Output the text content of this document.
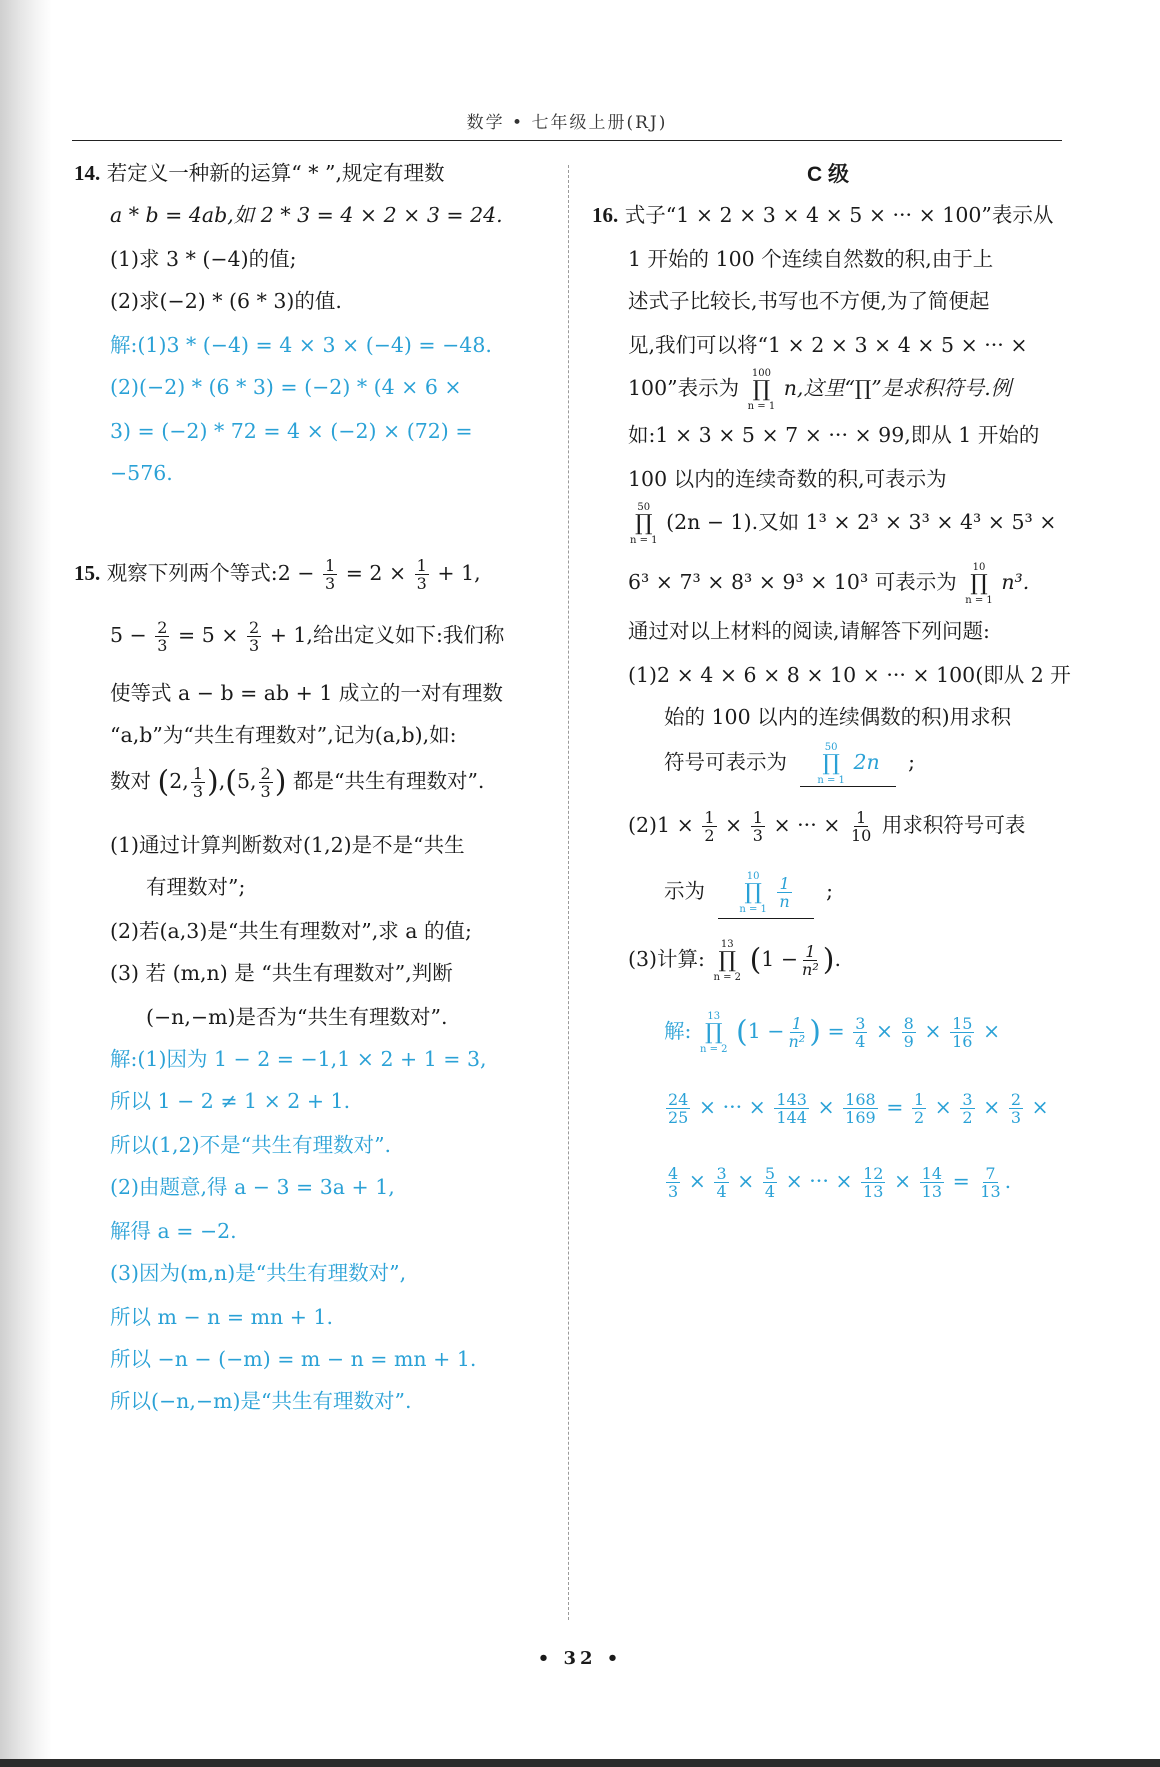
数学 • 七年级上册(RJ)
14. 若定义一种新的运算“ * ”,规定有理数
a * b = 4ab,如 2 * 3 = 4 × 2 × 3 = 24.
(1)求 3 * (−4)的值;
(2)求(−2) * (6 * 3)的值.
解:(1)3 * (−4) = 4 × 3 × (−4) = −48.
(2)(−2) * (6 * 3) = (−2) * (4 × 6 ×
3) = (−2) * 72 = 4 × (−2) × (72) =
−576.
15. 观察下列两个等式:2 − $\frac{1}{3} = 2 \times \frac{1}{3} + 1$,
$5 - \frac{2}{3} = 5 \times \frac{2}{3} + 1$,给出定义如下:我们称
使等式 a − b = ab + 1 成立的一对有理数
“a,b”为“共生有理数对”,记为(a,b),如:
数对 (2, $\frac{1}{3} ),(5$, $\frac{2}{3}$ ) 都是“共生有理数对”.
(1)通过计算判断数对(1,2)是不是“共生
有理数对”;
(2)若(a,3)是“共生有理数对”,求 a 的值;
(3) 若 (m,n) 是 “共生有理数对”,判断
(−n,−m)是否为“共生有理数对”.
解:(1)因为 1 − 2 = −1,1 × 2 + 1 = 3,
所以 1 − 2 ≠ 1 × 2 + 1.
所以(1,2)不是“共生有理数对”.
(2)由题意,得 a − 3 = 3a + 1,
解得 a = −2.
(3)因为(m,n)是“共生有理数对”,
所以 m − n = mn + 1.
所以 −n − (−m) = m − n = mn + 1.
所以(−n,−m)是“共生有理数对”.
C 级
16. 式子“1 × 2 × 3 × 4 × 5 × ··· × 100”表示从
1 开始的 100 个连续自然数的积,由于上
述式子比较长,书写也不方便,为了简便起
见,我们可以将“1 × 2 × 3 × 4 × 5 × ··· ×
100”表示为
100
∏
n = 1
n,这里“∏”是求积符号.例
如:1 × 3 × 5 × 7 × ··· × 99,即从 1 开始的
100 以内的连续奇数的积,可表示为
50
∏
n = 1
(2n − 1).又如 1³ × 2³ × 3³ × 4³ × 5³ ×
6³ × 7³ × 8³ × 9³ × 10³ 可表示为
10
∏
n = 1
n³.
通过对以上材料的阅读,请解答下列问题:
(1)2 × 4 × 6 × 8 × 10 × ··· × 100(即从 2 开
始的 100 以内的连续偶数的积)用求积
符号可表示为
50
∏
n = 1
2n ;
$(2)1 \times \frac{1}{2} \times \frac{1}{3}$ × ··· × $\frac{1}{10}$ 用求积符号可表
示为
10
∏
n = 1
$\frac{1}{n}$ ;
(3)计算:
13
∏
n = 2 ($1 - \frac{1}{\text{n²}}$ ).
解:
13
∏
n = 2 ($1 - \frac{1}{\text{n²}}$ ) = $\frac{3}{4} \times \frac{8}{9} \times \frac{15}{16}$ ×
$\frac{24}{25}$ × ··· × $\frac{143}{144} \times \frac{168}{169} = \frac{1}{2} \times \frac{3}{2} \times \frac{2}{3}$ ×
$\frac{4}{3} \times \frac{3}{4} \times \frac{5}{4}$ × ··· × $\frac{12}{13} \times \frac{14}{13} = \frac{7}{13}$ .
• 32 •
